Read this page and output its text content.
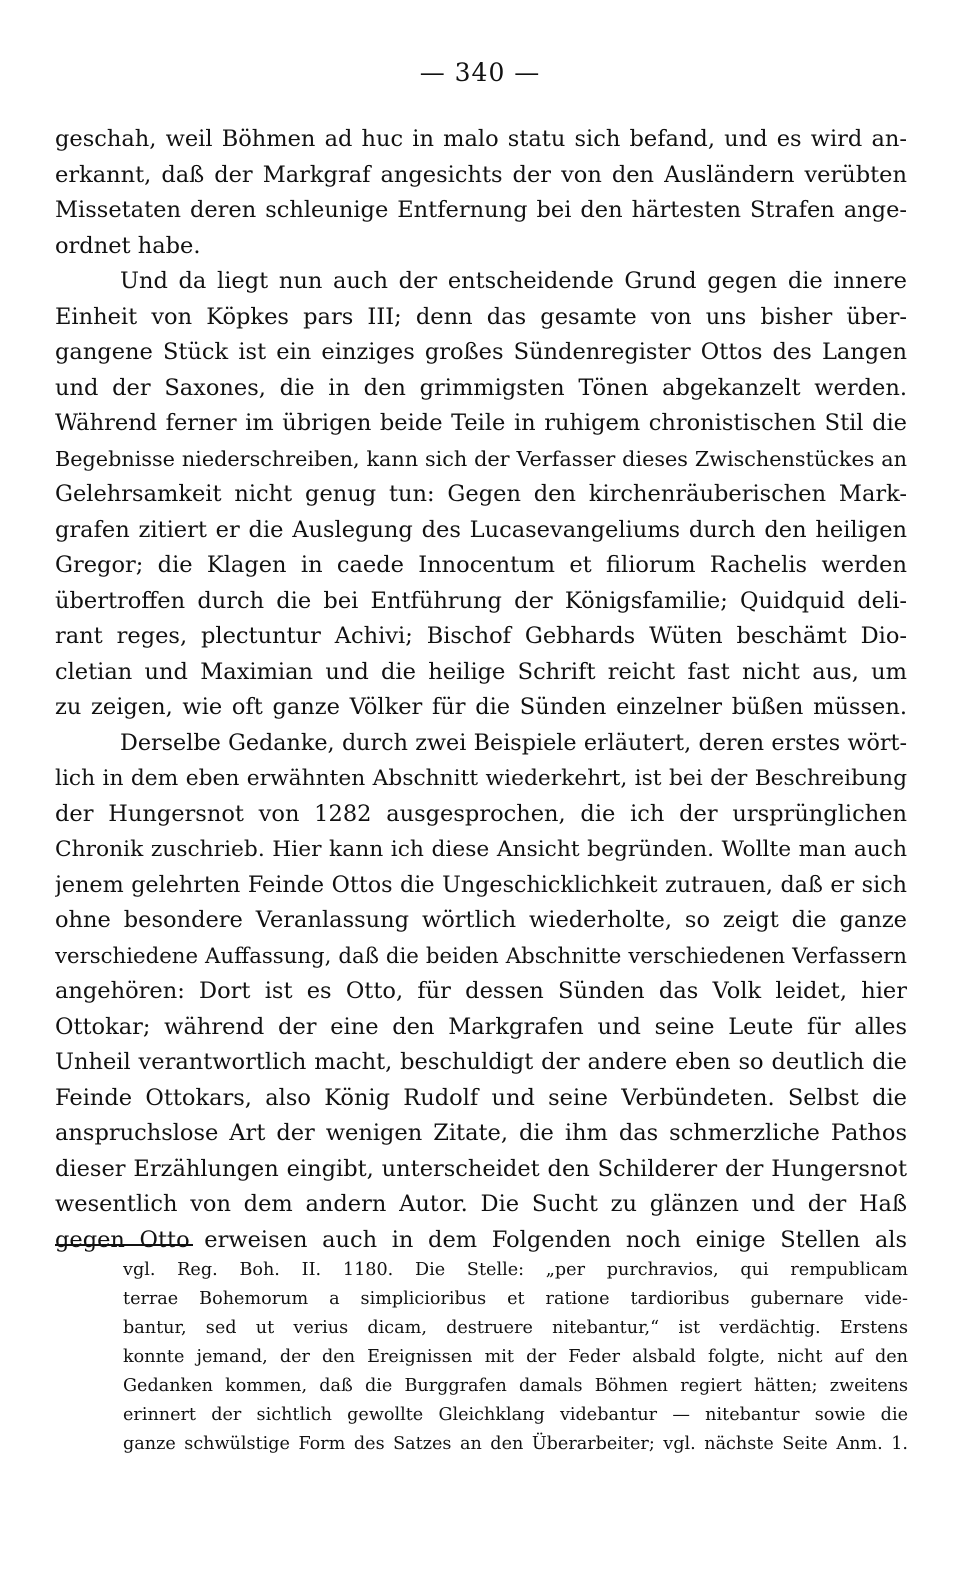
— 340 —
geschah, weil Böhmen ad huc in malo statu sich befand, und es wird an-
erkannt, daß der Markgraf angesichts der von den Ausländern verübten
Missetaten deren schleunige Entfernung bei den härtesten Strafen ange-
ordnet habe.
Und da liegt nun auch der entscheidende Grund gegen die innere
Einheit von Köpkes pars III; denn das gesamte von uns bisher über-
gangene Stück ist ein einziges großes Sündenregister Ottos des Langen
und der Saxones, die in den grimmigsten Tönen abgekanzelt werden.
Während ferner im übrigen beide Teile in ruhigem chronistischen Stil die
Begebnisse niederschreiben, kann sich der Verfasser dieses Zwischenstückes an
Gelehrsamkeit nicht genug tun: Gegen den kirchenräuberischen Mark-
grafen zitiert er die Auslegung des Lucasevangeliums durch den heiligen
Gregor; die Klagen in caede Innocentum et filiorum Rachelis werden
übertroffen durch die bei Entführung der Königsfamilie; Quidquid deli-
rant reges, plectuntur Achivi; Bischof Gebhards Wüten beschämt Dio-
cletian und Maximian und die heilige Schrift reicht fast nicht aus, um
zu zeigen, wie oft ganze Völker für die Sünden einzelner büßen müssen.
Derselbe Gedanke, durch zwei Beispiele erläutert, deren erstes wört-
lich in dem eben erwähnten Abschnitt wiederkehrt, ist bei der Beschreibung
der Hungersnot von 1282 ausgesprochen, die ich der ursprünglichen
Chronik zuschrieb. Hier kann ich diese Ansicht begründen. Wollte man auch
jenem gelehrten Feinde Ottos die Ungeschicklichkeit zutrauen, daß er sich
ohne besondere Veranlassung wörtlich wiederholte, so zeigt die ganze
verschiedene Auffassung, daß die beiden Abschnitte verschiedenen Verfassern
angehören: Dort ist es Otto, für dessen Sünden das Volk leidet, hier
Ottokar; während der eine den Markgrafen und seine Leute für alles
Unheil verantwortlich macht, beschuldigt der andere eben so deutlich die
Feinde Ottokars, also König Rudolf und seine Verbündeten. Selbst die
anspruchslose Art der wenigen Zitate, die ihm das schmerzliche Pathos
dieser Erzählungen eingibt, unterscheidet den Schilderer der Hungersnot
wesentlich von dem andern Autor. Die Sucht zu glänzen und der Haß
gegen Otto erweisen auch in dem Folgenden noch einige Stellen als
vgl. Reg. Boh. II. 1180. Die Stelle: „per purchravios, qui rempublicam
terrae Bohemorum a simplicioribus et ratione tardioribus gubernare vide-
bantur, sed ut verius dicam, destruere nitebantur,“ ist verdächtig. Erstens
konnte jemand, der den Ereignissen mit der Feder alsbald folgte, nicht auf den
Gedanken kommen, daß die Burggrafen damals Böhmen regiert hätten; zweitens
erinnert der sichtlich gewollte Gleichklang videbantur — nitebantur sowie die
ganze schwülstige Form des Satzes an den Überarbeiter; vgl. nächste Seite Anm. 1.
